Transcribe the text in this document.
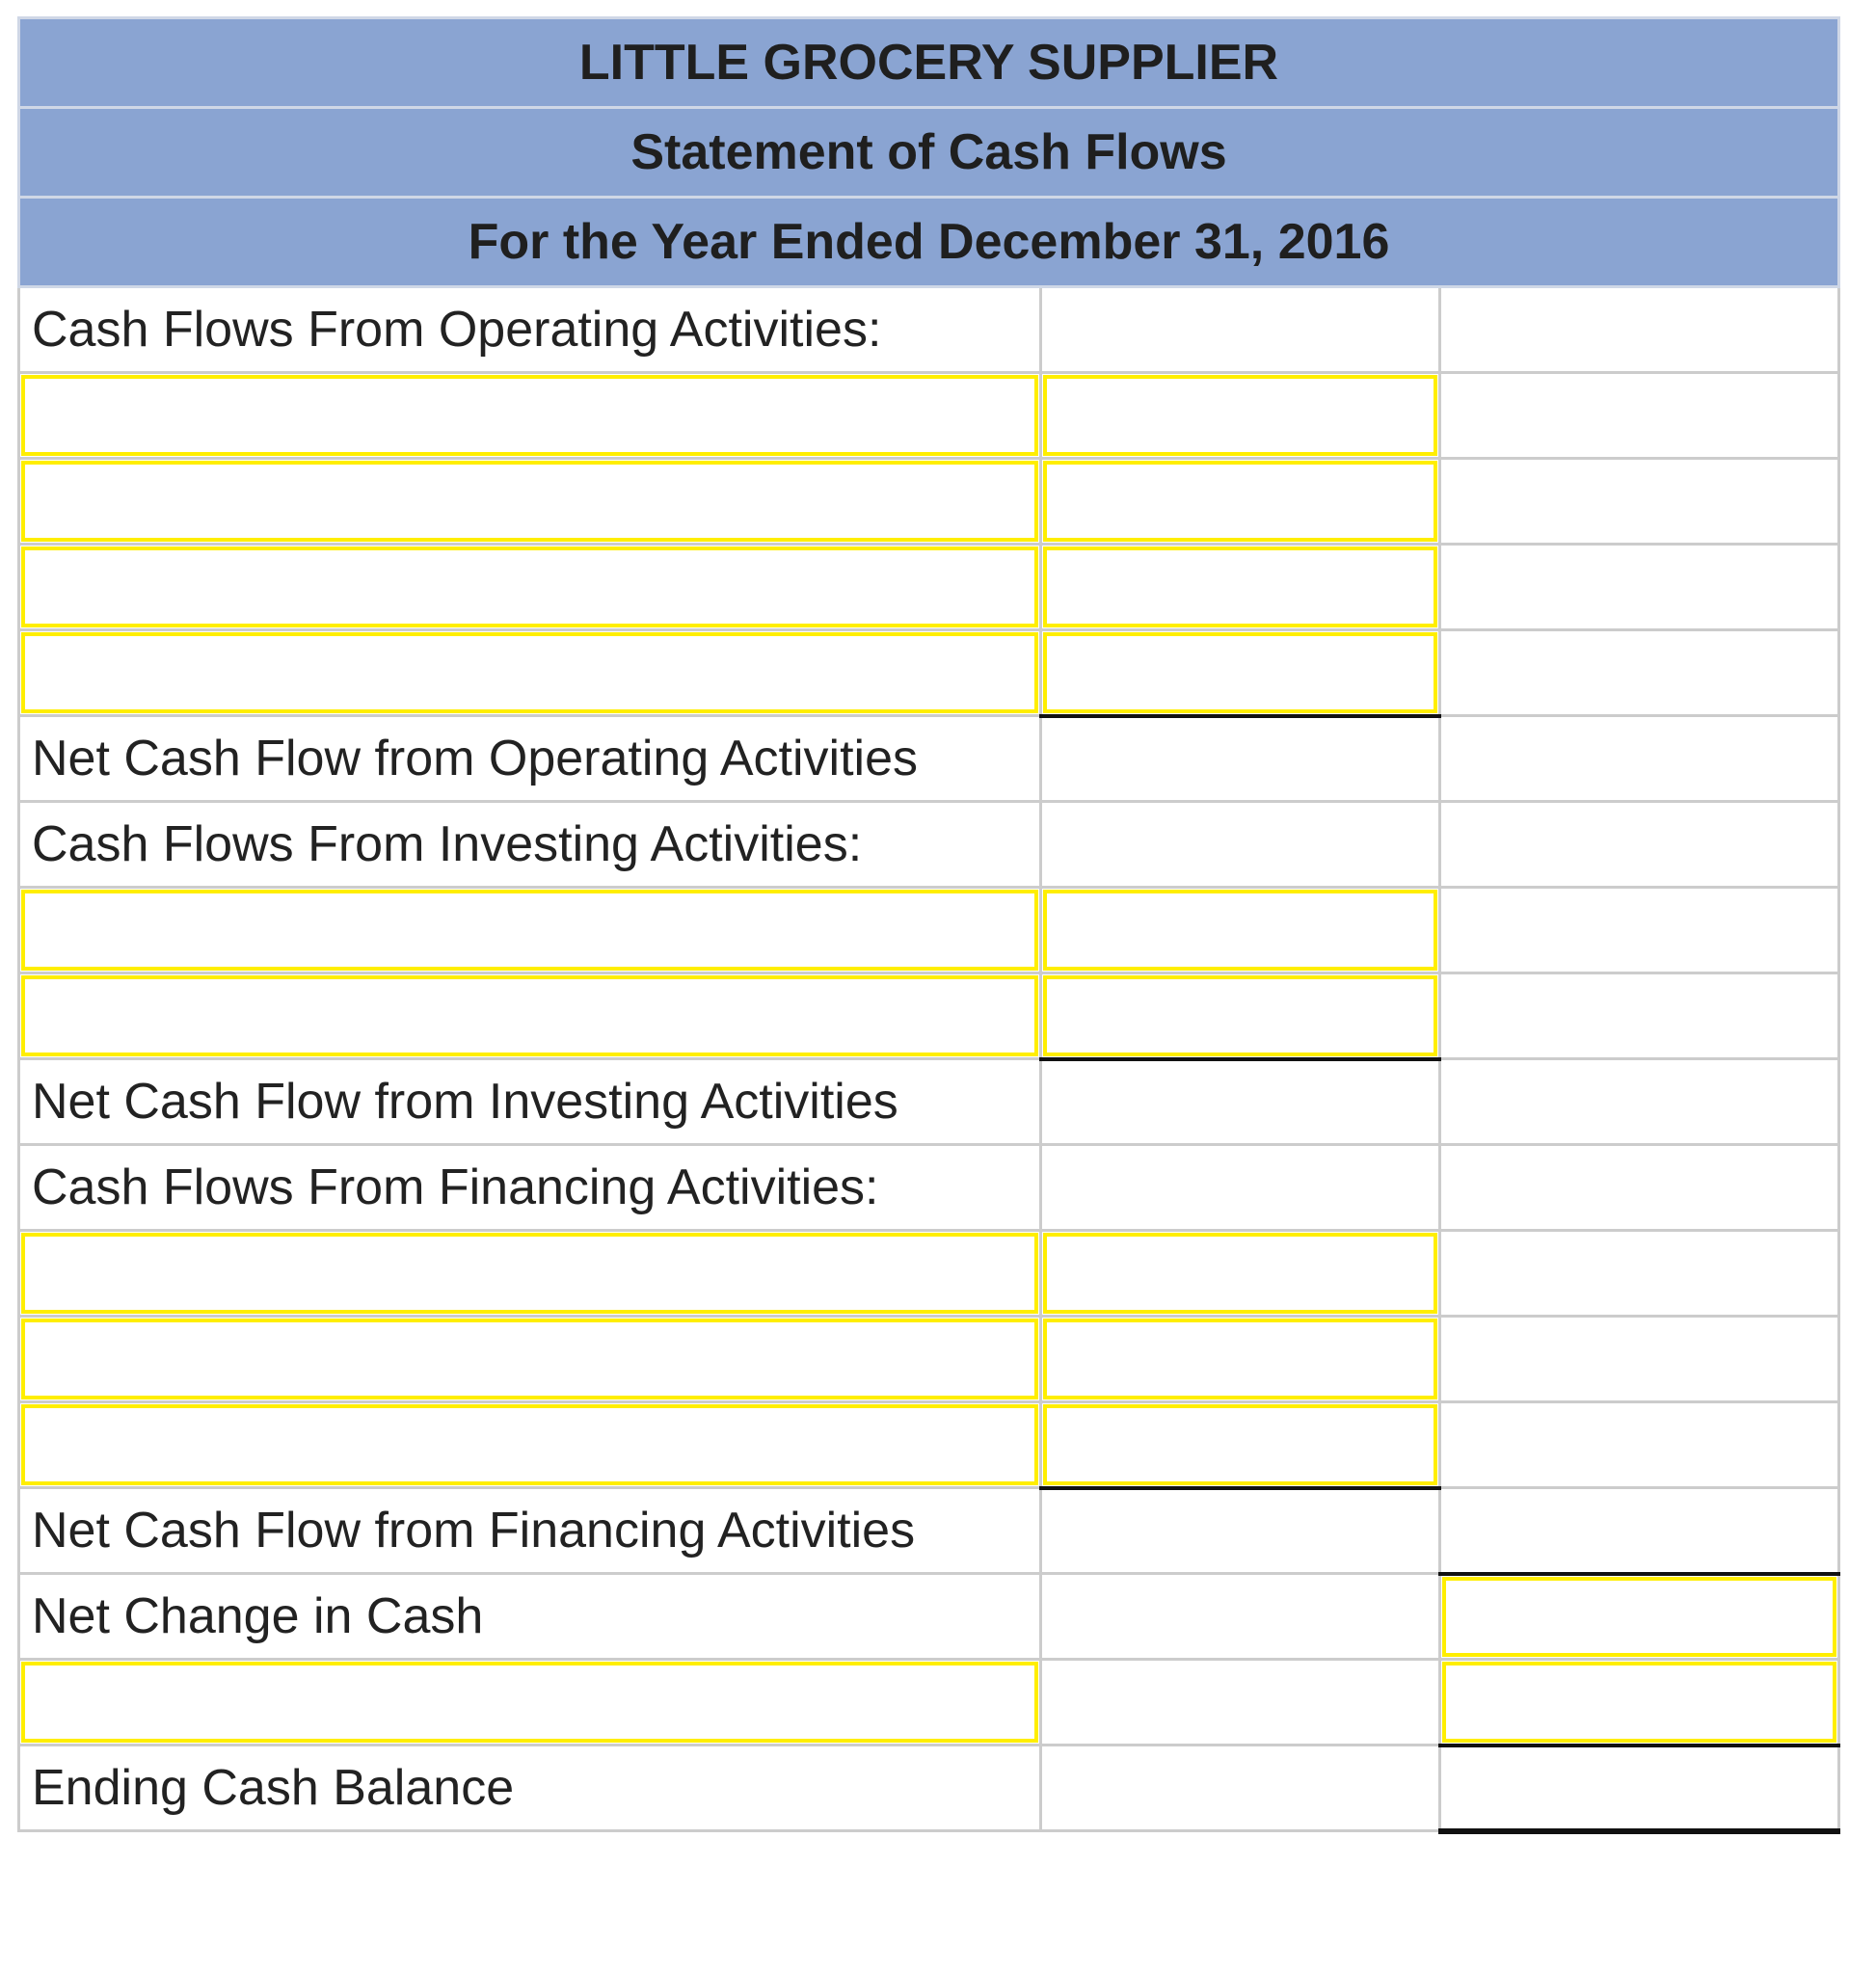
LITTLE GROCERY SUPPLIER		
Statement of Cash Flows		
For the Year Ended December 31, 2016		
Cash Flows From Operating Activities:		

Net Cash Flow from Operating Activities		
Cash Flows From Investing Activities:		

Net Cash Flow from Investing Activities		
Cash Flows From Financing Activities:		

Net Cash Flow from Financing Activities		
Net Change in Cash		

Ending Cash Balance		
